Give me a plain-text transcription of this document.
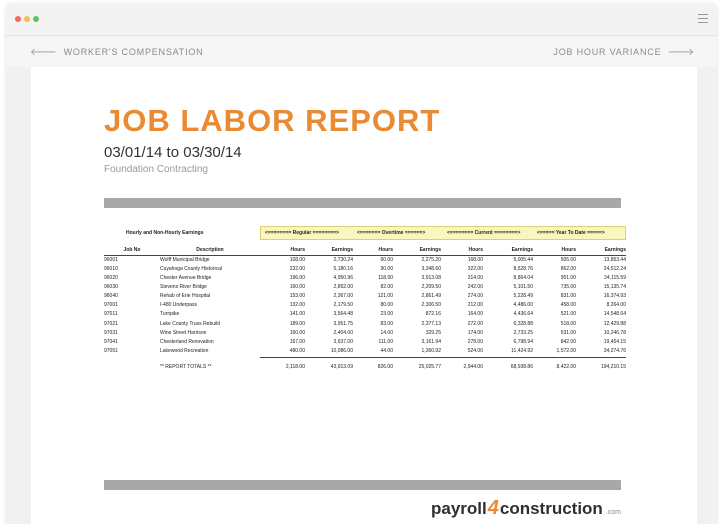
🡐 WORKER'S COMPENSATION	JOB HOUR VARIANCE 🡒
JOB LABOR REPORT
03/01/14 to 03/30/14
Foundation Contracting
Hourly and Non-Hourly Earnings	<======== Regular ========>	<======= Overtime ======>	<======== Current ========>	<===== Year To Date =====>
Job No	Description	Hours	Earnings	Hours	Earnings	Hours	Earnings	Hours	Earnings
96001	Wolff Municipal Bridge	108.00	2,730.24	60.00	2,275.20	168.00	5,005.44	505.00	13,853.44
96010	Cuyahoga County Historical	232.00	5,180.16	90.00	3,348.60	322.00	8,528.76	862.00	24,512.24
96020	Chester Avenue Bridge	196.00	4,950.96	118.00	3,913.08	314.00	8,864.04	951.00	24,115.59
96030	Stevens River Bridge	160.00	2,892.00	82.00	2,209.50	242.00	5,101.50	735.00	15,135.74
96040	Rehab of Erie Hospital	153.00	2,367.00	121.00	2,861.49	274.00	5,228.49	831.00	16,374.93
97001	I-480 Underpass	132.00	2,179.50	80.00	2,306.50	212.00	4,486.00	458.00	8,264.00
97011	Turnpike	141.00	3,564.48	23.00	872.16	164.00	4,436.64	521.00	14,548.64
97021	Lake County Truss Rebuild	189.00	3,951.75	83.00	2,377.13	272.00	6,328.88	518.00	12,429.88
97031	Wine Street Harrison	160.00	2,404.00	14.00	329.25	174.00	2,733.25	531.00	10,246.78
97041	Chesterland Renovation	167.00	3,637.00	111.00	3,161.94	278.00	6,798.94	842.00	19,454.15
97051	Lakewood Recreation	480.00	10,086.00	44.00	1,360.92	524.00	11,424.92	1,572.00	34,274.76

	** REPORT TOTALS **	2,118.00	43,913.09	826.00	25,025.77	2,944.00	68,938.86	8,422.00	194,210.15
payroll 4 construction .com
